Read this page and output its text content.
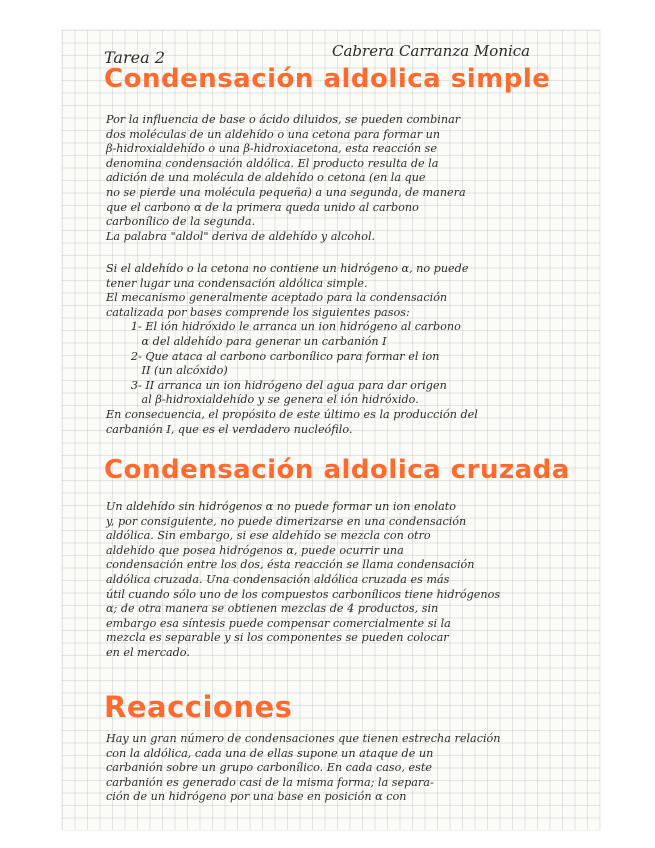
Tarea 2	Cabrera Carranza Monica
Condensación aldolica simple
Por la influencia de base o ácido diluidos, se pueden combinar
dos moléculas de un aldehído o una cetona para formar un
β-hidroxialdehído o una β-hidroxiacetona, esta reacción se
denomina condensación aldólica. El producto resulta de la
adición de una molécula de aldehído o cetona (en la que
no se pierde una molécula pequeña) a una segunda, de manera
que el carbono α de la primera queda unido al carbono
carbonílico de la segunda.
La palabra "aldol" deriva de aldehído y alcohol.
Si el aldehído o la cetona no contiene un hidrógeno α, no puede
tener lugar una condensación aldólica simple.
El mecanismo generalmente aceptado para la condensación
catalizada por bases comprende los siguientes pasos:
1- El ión hidróxido le arranca un ion hidrógeno al carbono
α del aldehído para generar un carbanión I
2- Que ataca al carbono carbonílico para formar el ion
II (un alcóxido)
3- II arranca un ion hidrógeno del agua para dar origen
al β-hidroxialdehído y se genera el ión hidróxido.
En consecuencia, el propósito de este último es la producción del
carbanión I, que es el verdadero nucleófilo.
Condensación aldolica cruzada
Un aldehído sin hidrógenos α no puede formar un ion enolato
y, por consiguiente, no puede dimerizarse en una condensación
aldólica. Sin embargo, si ese aldehído se mezcla con otro
aldehído que posea hidrógenos α, puede ocurrir una
condensación entre los dos, ésta reacción se llama condensación
aldólica cruzada. Una condensación aldólica cruzada es más
útil cuando sólo uno de los compuestos carbonílicos tiene hidrógenos
α; de otra manera se obtienen mezclas de 4 productos, sin
embargo esa síntesis puede compensar comercialmente si la
mezcla es separable y si los componentes se pueden colocar
en el mercado.
Reacciones
Hay un gran número de condensaciones que tienen estrecha relación
con la aldólica, cada una de ellas supone un ataque de un
carbanión sobre un grupo carbonílico. En cada caso, este
carbanión es generado casi de la misma forma; la separa-
ción de un hidrógeno por una base en posición α con
